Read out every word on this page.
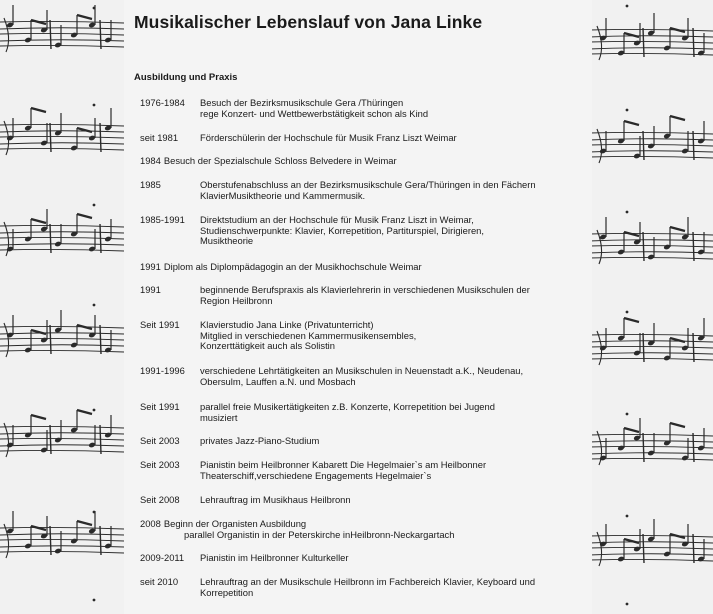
Musikalischer Lebenslauf von Jana Linke
Ausbildung und Praxis
1976-1984 Besuch der Bezirksmusikschule Gera /Thüringen
rege Konzert- und Wettbewerbstätigkeit schon als Kind
seit 1981 Förderschülerin der Hochschule für Musik Franz Liszt Weimar
1984 Besuch der Spezialschule Schloss Belvedere in Weimar
1985	Oberstufenabschluss an der Bezirksmusikschule Gera/Thüringen in den Fächern
KlavierMusiktheorie und Kammermusik.
1985-1991 Direktstudium an der Hochschule für Musik Franz Liszt in Weimar,
Studienschwerpunkte: Klavier, Korrepetition, Partiturspiel, Dirigieren,
Musiktheorie
1991 Diplom als Diplompädagogin an der Musikhochschule Weimar
1991	beginnende Berufspraxis als Klavierlehrerin in verschiedenen Musikschulen der
Region Heilbronn
Seit 1991 Klavierstudio Jana Linke (Privatunterricht)
Mitglied in verschiedenen Kammermusikensembles,
Konzerttätigkeit auch als Solistin
1991-1996 verschiedene Lehrtätigkeiten an Musikschulen in Neuenstadt a.K., Neudenau,
Obersulm, Lauffen a.N. und Mosbach
Seit 1991 parallel freie Musikertätigkeiten z.B. Konzerte, Korrepetition bei Jugend
musiziert
Seit 2003 privates Jazz-Piano-Studium
Seit 2003 Pianistin beim Heilbronner Kabarett Die Hegelmaier`s am Heilbonner
Theaterschiff,verschiedene Engagements Hegelmaier`s
Seit 2008 Lehrauftrag im Musikhaus Heilbronn
2008 Beginn der Organisten Ausbildung
parallel Organistin in der Peterskirche inHeilbronn-Neckargartach
2009-2011 Pianistin im Heilbronner Kulturkeller
seit 2010 Lehrauftrag an der Musikschule Heilbronn im Fachbereich Klavier, Keyboard und
Korrepetition
